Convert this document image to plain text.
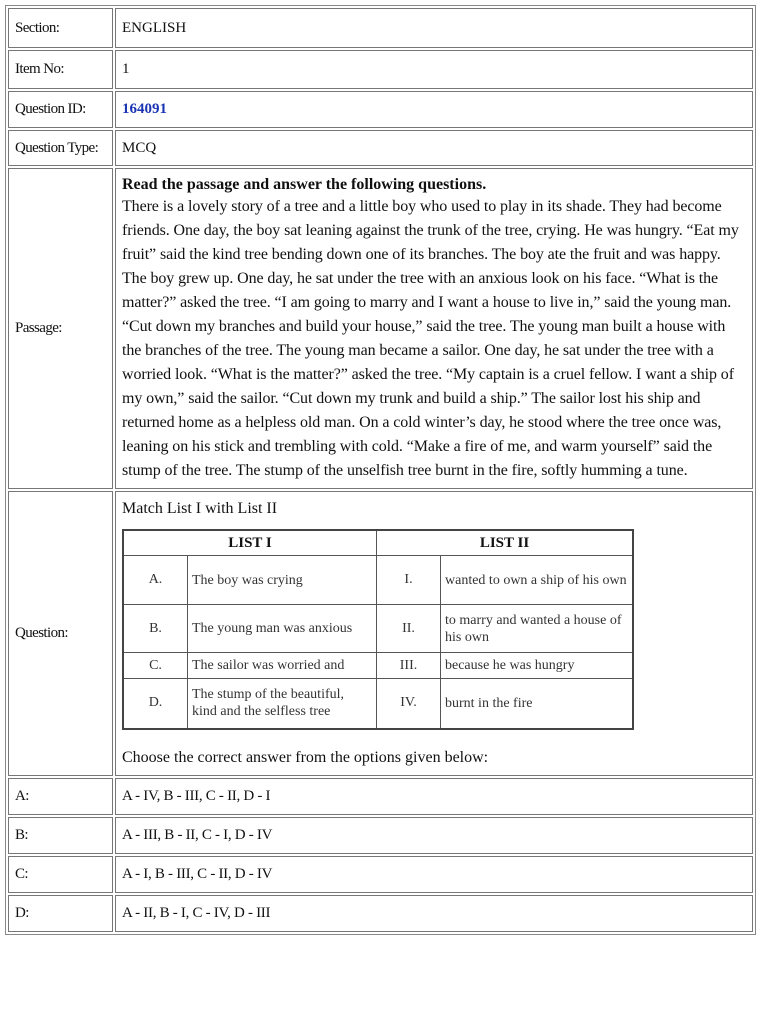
Section:	ENGLISH
Item No:	1
Question ID:	164091
Question Type:	MCQ
Passage:	
Read the passage and answer the following questions.
There is a lovely story of a tree and a little boy who used to play in its shade. They had become friends. One day, the boy sat leaning against the trunk of the tree, crying. He was hungry. “Eat my fruit” said the kind tree bending down one of its branches. The boy ate the fruit and was happy. The boy grew up. One day, he sat under the tree with an anxious look on his face. “What is the matter?” asked the tree. “I am going to marry and I want a house to live in,” said the young man. “Cut down my branches and build your house,” said the tree. The young man built a house with the branches of the tree. The young man became a sailor. One day, he sat under the tree with a worried look. “What is the matter?” asked the tree. “My captain is a cruel fellow. I want a ship of my own,” said the sailor. “Cut down my trunk and build a ship.” The sailor lost his ship and returned home as a helpless old man. On a cold winter’s day, he stood where the tree once was, leaning on his stick and trembling with cold. “Make a fire of me, and warm yourself” said the stump of the tree. The stump of the unselfish tree burnt in the fire, softly humming a tune.

Question:	
Match List I with List II
LIST I	LIST II
A.	The boy was crying	I.	wanted to own a ship of his own
B.	The young man was anxious	II.	to marry and wanted a house of his own
C.	The sailor was worried and	III.	because he was hungry
D.	The stump of the beautiful, kind and the selfless tree	IV.	burnt in the fire
Choose the correct answer from the options given below:

A:	A - IV, B - III, C - II, D - I
B:	A - III, B - II, C - I, D - IV
C:	A - I, B - III, C - II, D - IV
D:	A - II, B - I, C - IV, D - III
